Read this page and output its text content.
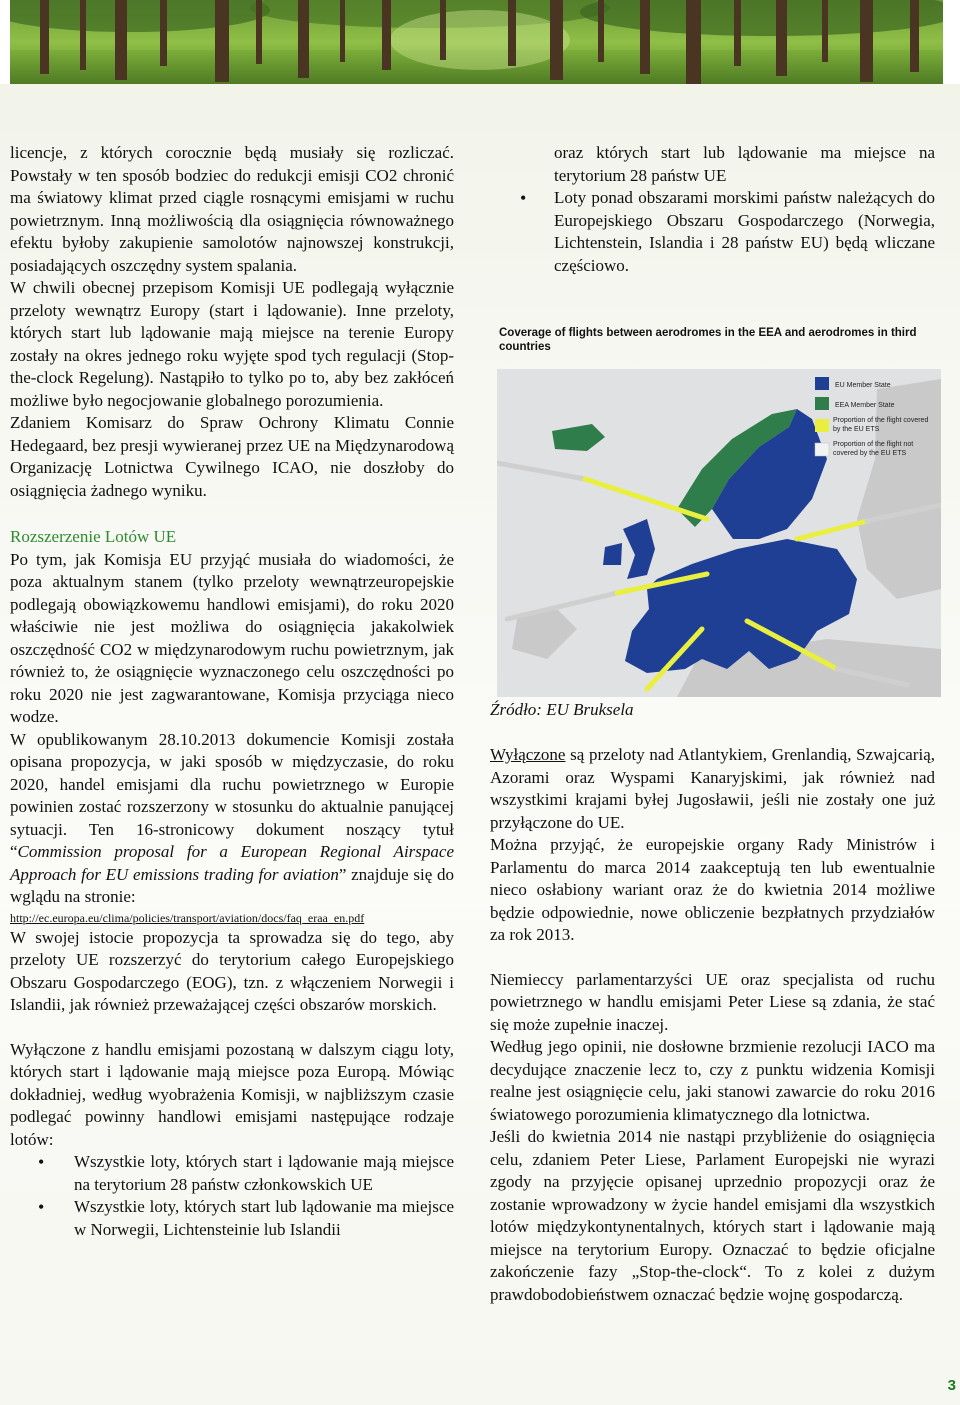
licencje, z których corocznie będą musiały się rozliczać. Powstały w ten sposób bodziec do redukcji emisji CO2 chronić ma światowy klimat przed ciągle rosnącymi emisjami w ruchu powietrznym. Inną możliwością dla osiągnięcia równoważnego efektu byłoby zakupienie samolotów najnowszej konstrukcji, posiadających oszczędny system spalania.

W chwili obecnej przepisom Komisji UE podlegają wyłącznie przeloty wewnątrz Europy (start i lądowanie). Inne przeloty, których start lub lądowanie mają miejsce na terenie Europy zostały na okres jednego roku wyjęte spod tych regulacji (Stop-the-clock Regelung). Nastąpiło to tylko po to, aby bez zakłóceń możliwe było negocjowanie globalnego porozumienia.

Zdaniem Komisarz do Spraw Ochrony Klimatu Connie Hedegaard, bez presji wywieranej przez UE na Międzynarodową Organizację Lotnictwa Cywilnego ICAO, nie doszłoby do osiągnięcia żadnego wyniku.

Rozszerzenie Lotów UE

Po tym, jak Komisja EU przyjąć musiała do wiadomości, że poza aktualnym stanem (tylko przeloty wewnątrzeuropejskie podlegają obowiązkowemu handlowi emisjami), do roku 2020 właściwie nie jest możliwa do osiągnięcia jakakolwiek oszczędność CO2 w międzynarodowym ruchu powietrznym, jak również to, że osiągnięcie wyznaczonego celu oszczędności po roku 2020 nie jest zagwarantowane, Komisja przyciąga nieco wodze.

W opublikowanym 28.10.2013 dokumencie Komisji została opisana propozycja, w jaki sposób w międzyczasie, do roku 2020, handel emisjami dla ruchu powietrznego w Europie powinien zostać rozszerzony w stosunku do aktualnie panującej sytuacji. Ten 16-stronicowy dokument noszący tytuł “Commission proposal for a European Regional Airspace Approach for EU emissions trading for aviation” znajduje się do wglądu na stronie:

http://ec.europa.eu/clima/policies/transport/aviation/docs/faq_eraa_en.pdf

W swojej istocie propozycja ta sprowadza się do tego, aby przeloty UE rozszerzyć do terytorium całego Europejskiego Obszaru Gospodarczego (EOG), tzn. z włączeniem Norwegii i Islandii, jak również przeważającej części obszarów morskich.

Wyłączone z handlu emisjami pozostaną w dalszym ciągu loty, których start i lądowanie mają miejsce poza Europą. Mówiąc dokładniej, według wyobrażenia Komisji, w najbliższym czasie podlegać powinny handlowi emisjami następujące rodzaje lotów:

• Wszystkie loty, których start i lądowanie mają miejsce na terytorium 28 państw członkowskich UE
• Wszystkie loty, których start lub lądowanie ma miejsce w Norwegii, Lichtensteinie lub Islandii

oraz których start lub lądowanie ma miejsce na terytorium 28 państw UE

• Loty ponad obszarami morskimi państw należących do Europejskiego Obszaru Gospodarczego (Norwegia, Lichtenstein, Islandia i 28 państw EU) będą wliczane częściowo.
Coverage of flights between aerodromes in the EEA and aerodromes in third countries
EU Member State
EEA Member State
Proportion of the flight covered by the EU ETS
Proportion of the flight not covered by the EU ETS
Źródło: EU Bruksela

Wyłączone są przeloty nad Atlantykiem, Grenlandią, Szwajcarią, Azorami oraz Wyspami Kanaryjskimi, jak również nad wszystkimi krajami byłej Jugosławii, jeśli nie zostały one już przyłączone do UE.

Można przyjąć, że europejskie organy Rady Ministrów i Parlamentu do marca 2014 zaakceptują ten lub ewentualnie nieco osłabiony wariant oraz że do kwietnia 2014 możliwe będzie odpowiednie, nowe obliczenie bezpłatnych przydziałów za rok 2013.

Niemieccy parlamentarzyści UE oraz specjalista od ruchu powietrznego w handlu emisjami Peter Liese są zdania, że stać się może zupełnie inaczej.

Według jego opinii, nie dosłowne brzmienie rezolucji IACO ma decydujące znaczenie lecz to, czy z punktu widzenia Komisji realne jest osiągnięcie celu, jaki stanowi zawarcie do roku 2016 światowego porozumienia klimatycznego dla lotnictwa.

Jeśli do kwietnia 2014 nie nastąpi przybliżenie do osiągnięcia celu, zdaniem Peter Liese, Parlament Europejski nie wyrazi zgody na przyjęcie opisanej uprzednio propozycji oraz że zostanie wprowadzony w życie handel emisjami dla wszystkich lotów międzykontynentalnych, których start i lądowanie mają miejsce na terytorium Europy. Oznaczać to będzie oficjalne zakończenie fazy „Stop-the-clock“. To z kolei z dużym prawdobodobieństwem oznaczać będzie wojnę gospodarczą.

3
